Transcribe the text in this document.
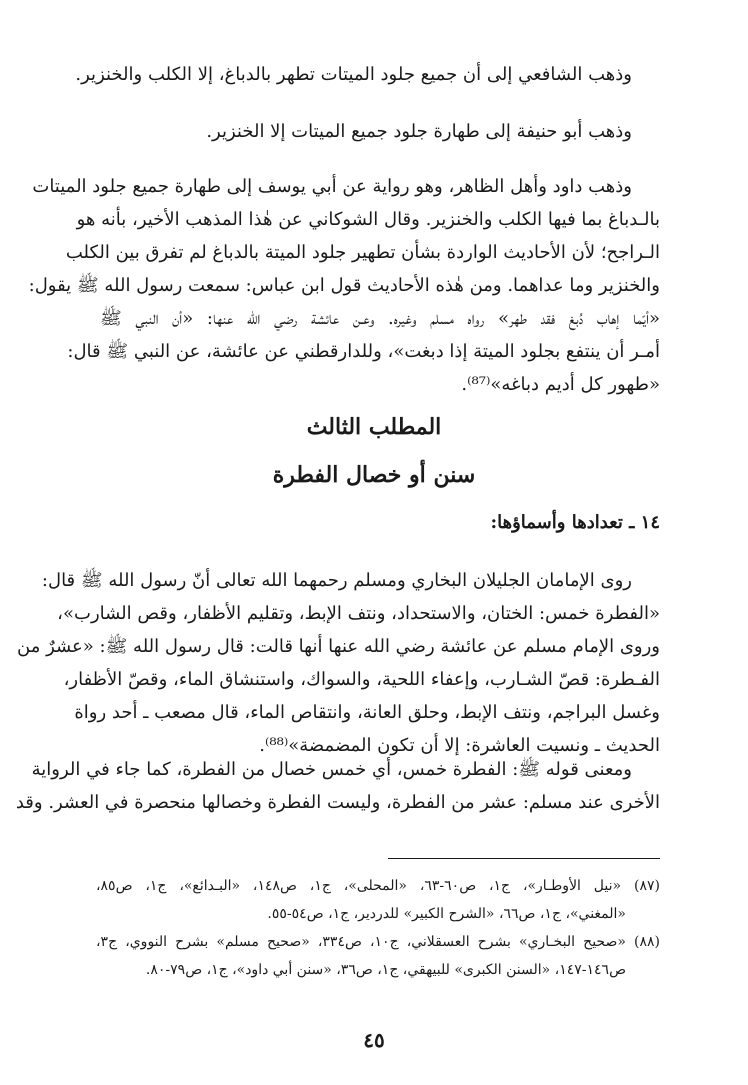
وذهب الشافعي إلى أن جميع جلود الميتات تطهر بالدباغ، إلا الكلب والخنزير.
وذهب أبو حنيفة إلى طهارة جلود جميع الميتات إلا الخنزير.
وذهب داود وأهل الظاهر، وهو رواية عن أبي يوسف إلى طهارة جميع جلود الميتات
بالـدباغ بما فيها الكلب والخنزير. وقال الشوكاني عن هٰذا المذهب الأخير، بأنه هو
الـراجح؛ لأن الأحاديث الواردة بشأن تطهير جلود الميتة بالدباغ لم تفرق بين الكلب
والخنزير وما عداهما. ومن هٰذه الأحاديث قول ابن عباس: سمعت رسول الله ﷺ يقول:
«أيّما إهاب دُبغ فقد طهر» رواه مسلم وغيره. وعـن عائشة رضي الله عنها: «أن النبي ﷺ
أمـر أن ينتفع بجلود الميتة إذا دبغت»، وللدارقطني عن عائشة، عن النبي ﷺ قال:
«طهور كل أديم دباغه»⁽⁸⁷⁾.
المطلب الثالث
سنن أو خصال الفطرة
١٤ ـ تعدادها وأسماؤها:
روى الإمامان الجليلان البخاري ومسلم رحمهما الله تعالى أنّ رسول الله ﷺ قال:
«الفطرة خمس: الختان، والاستحداد، ونتف الإبط، وتقليم الأظفار، وقص الشارب»،
وروى الإمام مسلم عن عائشة رضي الله عنها أنها قالت: قال رسول الله ﷺ: «عشرٌ من
الفـطرة: قصّ الشـارب، وإعفاء اللحية، والسواك، واستنشاق الماء، وقصّ الأظفار،
وغسل البراجم، ونتف الإبط، وحلق العانة، وانتقاص الماء، قال مصعب ـ أحد رواة
الحديث ـ ونسيت العاشرة: إلا أن تكون المضمضة»⁽⁸⁸⁾.
ومعنى قوله ﷺ: الفطرة خمس، أي خمس خصال من الفطرة، كما جاء في الرواية
الأخرى عند مسلم: عشر من الفطرة، وليست الفطرة وخصالها منحصرة في العشر. وقد
(٨٧) «نيل الأوطـار»، ج١، ص٦٠-٦٣، «المحلى»، ج١، ص١٤٨، «البـدائع»، ج١، ص٨٥،
«المغني»، ج١، ص٦٦، «الشرح الكبير» للدردير، ج١، ص٥٤-٥٥.
(٨٨) «صحيح البخـاري» بشرح العسقلاني، ج١٠، ص٣٣٤، «صحيح مسلم» بشرح النووي، ج٣،
ص١٤٦-١٤٧، «السنن الكبرى» للبيهقي، ج١، ص٣٦، «سنن أبي داود»، ج١، ص٧٩-٨٠.
٤٥
